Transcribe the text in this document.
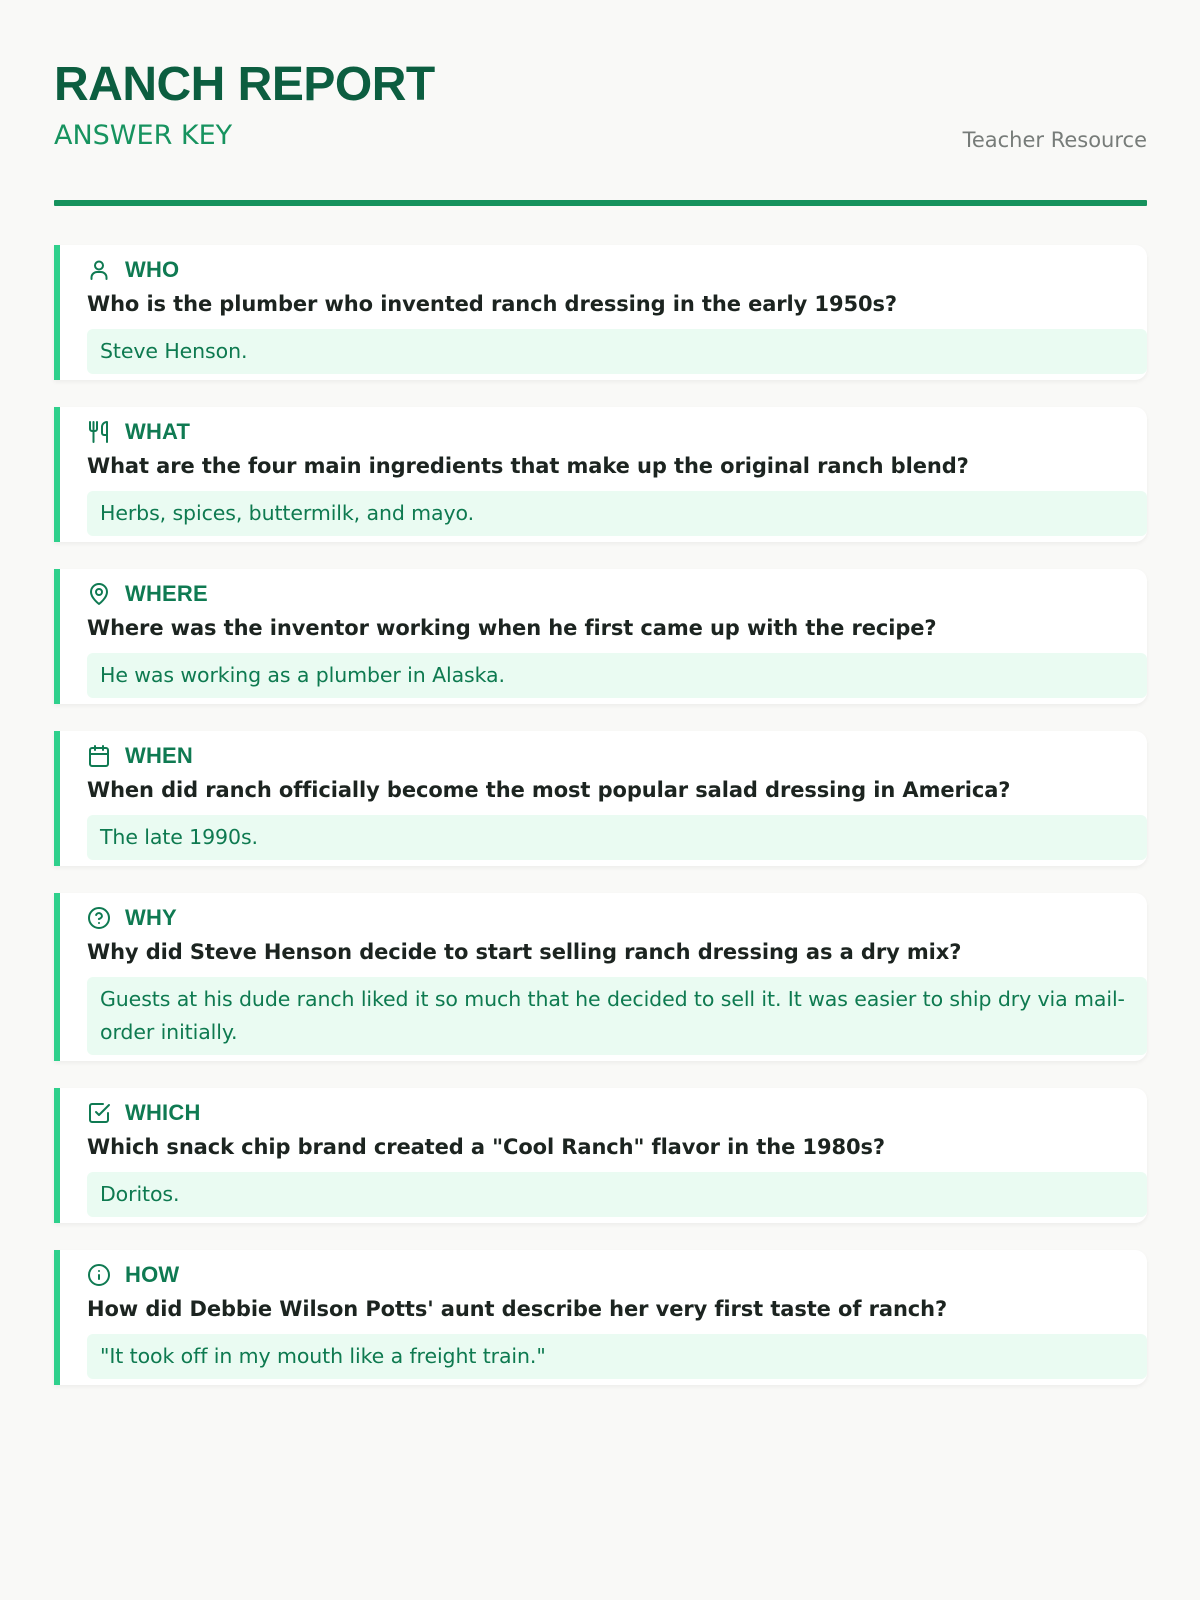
RANCH REPORT
ANSWER KEY	Teacher Resource
WHO
Who is the plumber who invented ranch dressing in the early 1950s?
Steve Henson.
WHAT
What are the four main ingredients that make up the original ranch blend?
Herbs, spices, buttermilk, and mayo.
WHERE
Where was the inventor working when he first came up with the recipe?
He was working as a plumber in Alaska.
WHEN
When did ranch officially become the most popular salad dressing in America?
The late 1990s.
WHY
Why did Steve Henson decide to start selling ranch dressing as a dry mix?
Guests at his dude ranch liked it so much that he decided to sell it. It was easier to ship dry via mail-order initially.
WHICH
Which snack chip brand created a "Cool Ranch" flavor in the 1980s?
Doritos.
HOW
How did Debbie Wilson Potts' aunt describe her very first taste of ranch?
"It took off in my mouth like a freight train."
